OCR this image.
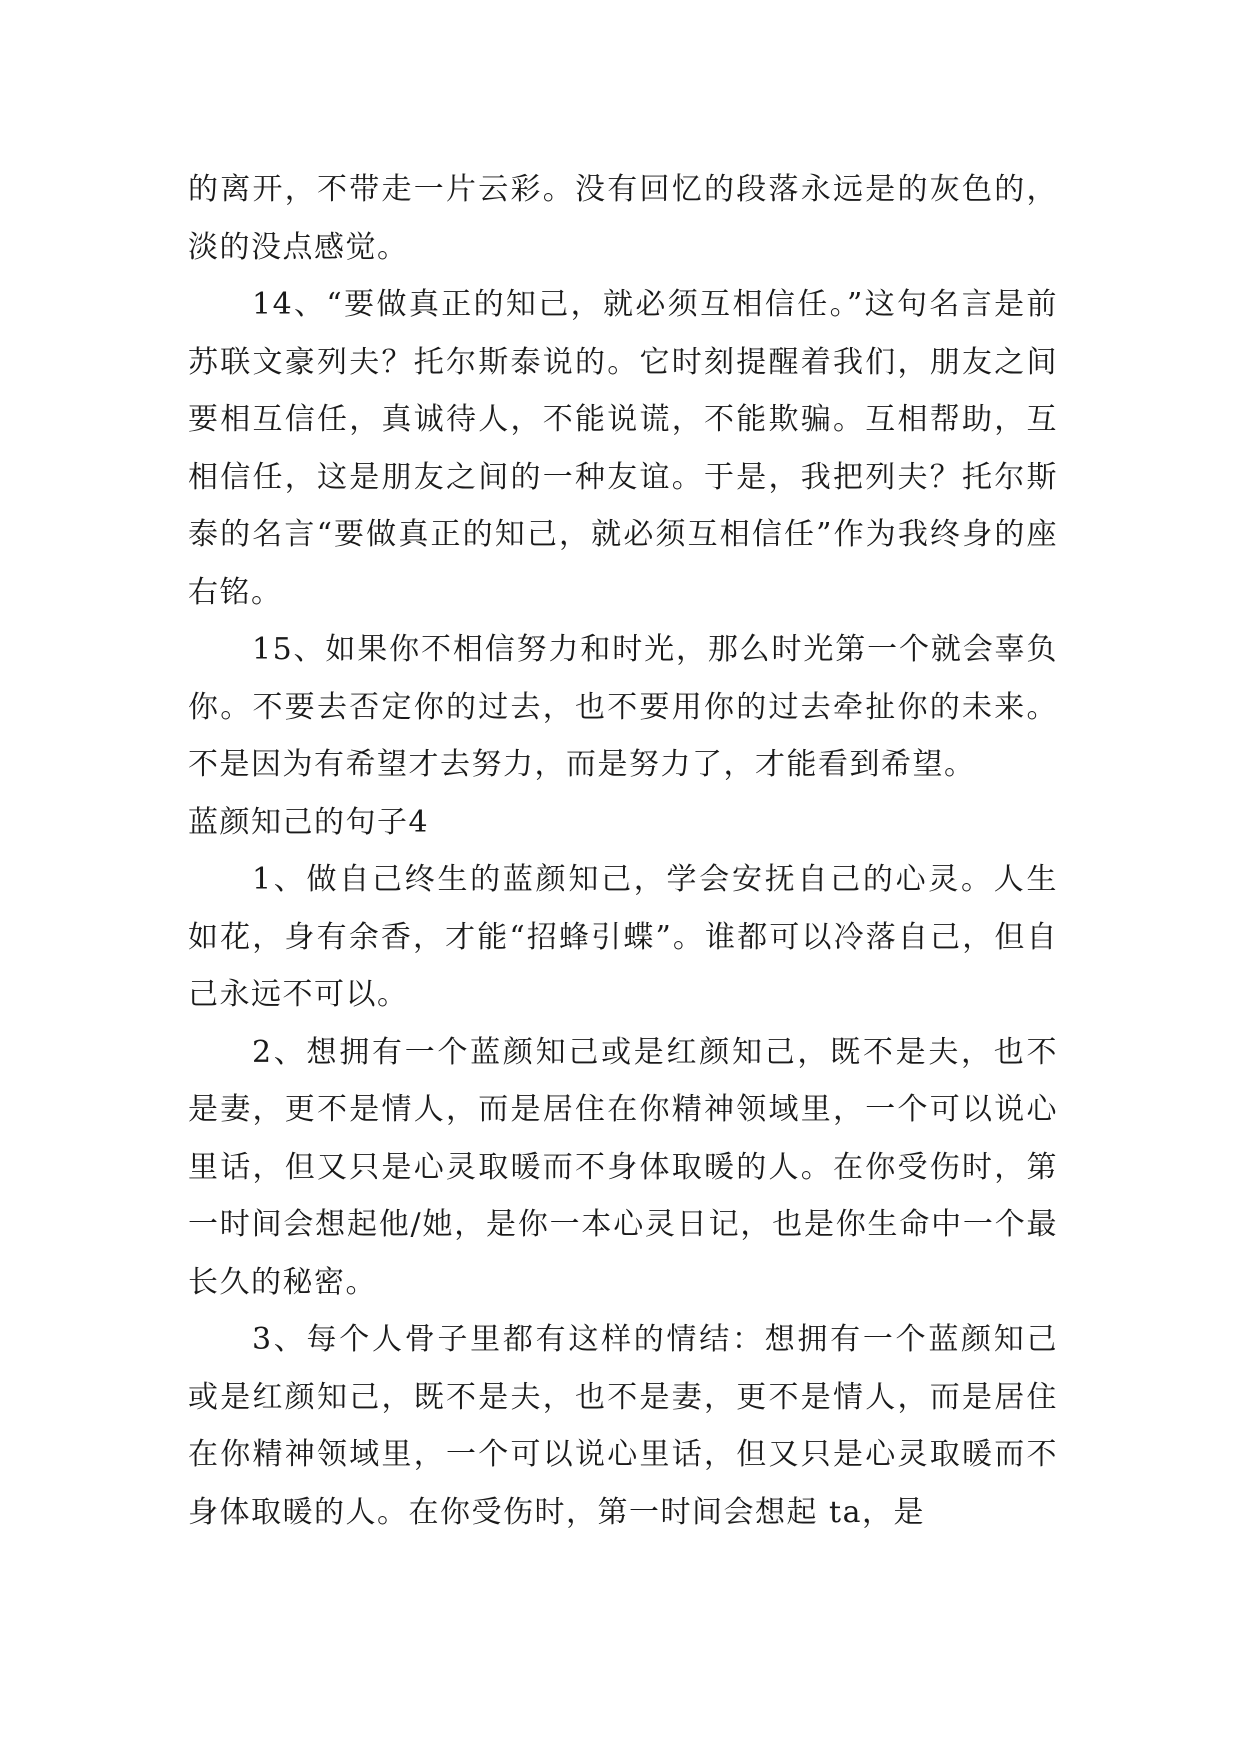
的离开，不带走一片云彩。没有回忆的段落永远是的灰色的，淡的没点感觉。

14、“要做真正的知己，就必须互相信任。”这句名言是前苏联文豪列夫？托尔斯泰说的。它时刻提醒着我们，朋友之间要相互信任，真诚待人，不能说谎，不能欺骗。互相帮助，互相信任，这是朋友之间的一种友谊。于是，我把列夫？托尔斯泰的名言“要做真正的知己，就必须互相信任”作为我终身的座右铭。

15、如果你不相信努力和时光，那么时光第一个就会辜负你。不要去否定你的过去，也不要用你的过去牵扯你的未来。不是因为有希望才去努力，而是努力了，才能看到希望。

蓝颜知己的句子4

1、做自己终生的蓝颜知己，学会安抚自己的心灵。人生如花，身有余香，才能“招蜂引蝶”。谁都可以冷落自己，但自己永远不可以。

2、想拥有一个蓝颜知己或是红颜知己，既不是夫，也不是妻，更不是情人，而是居住在你精神领域里，一个可以说心里话，但又只是心灵取暖而不身体取暖的人。在你受伤时，第一时间会想起他/她，是你一本心灵日记，也是你生命中一个最长久的秘密。

3、每个人骨子里都有这样的情结：想拥有一个蓝颜知己或是红颜知己，既不是夫，也不是妻，更不是情人，而是居住在你精神领域里，一个可以说心里话，但又只是心灵取暖而不身体取暖的人。在你受伤时，第一时间会想起 ta，是
